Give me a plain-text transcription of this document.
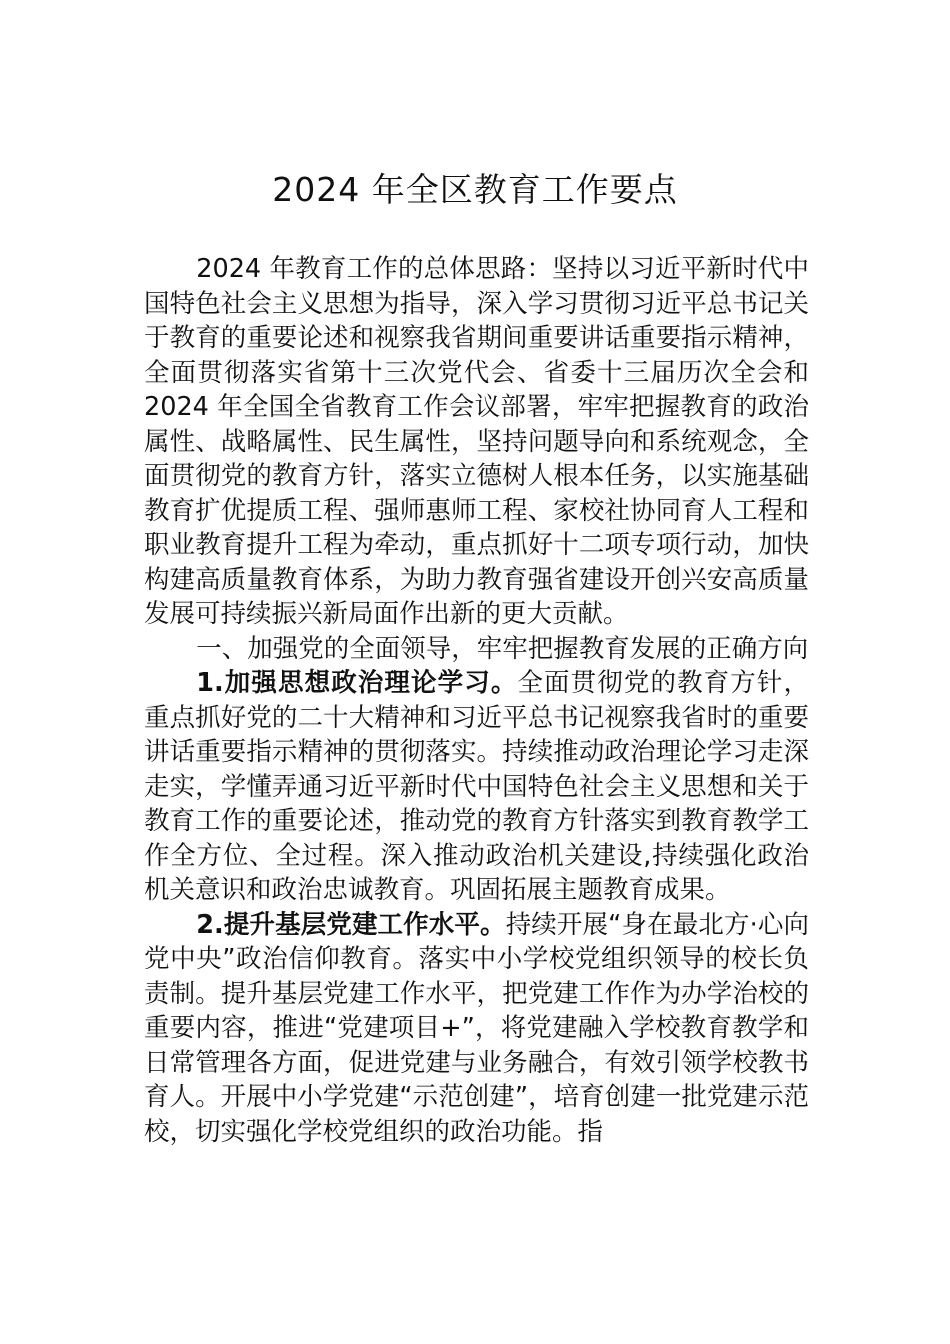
2024 年全区教育工作要点

2024 年教育工作的总体思路：坚持以习近平新时代中国特色社会主义思想为指导，深入学习贯彻习近平总书记关于教育的重要论述和视察我省期间重要讲话重要指示精神，全面贯彻落实省第十三次党代会、省委十三届历次全会和 2024 年全国全省教育工作会议部署，牢牢把握教育的政治属性、战略属性、民生属性，坚持问题导向和系统观念，全面贯彻党的教育方针，落实立德树人根本任务，以实施基础教育扩优提质工程、强师惠师工程、家校社协同育人工程和职业教育提升工程为牵动，重点抓好十二项专项行动，加快构建高质量教育体系，为助力教育强省建设开创兴安高质量发展可持续振兴新局面作出新的更大贡献。

一、加强党的全面领导，牢牢把握教育发展的正确方向

1.加强思想政治理论学习。全面贯彻党的教育方针，重点抓好党的二十大精神和习近平总书记视察我省时的重要讲话重要指示精神的贯彻落实。持续推动政治理论学习走深走实，学懂弄通习近平新时代中国特色社会主义思想和关于教育工作的重要论述，推动党的教育方针落实到教育教学工作全方位、全过程。深入推动政治机关建设,持续强化政治机关意识和政治忠诚教育。巩固拓展主题教育成果。

2.提升基层党建工作水平。持续开展“身在最北方·心向党中央”政治信仰教育。落实中小学校党组织领导的校长负责制。提升基层党建工作水平，把党建工作作为办学治校的重要内容，推进“党建项目+”，将党建融入学校教育教学和日常管理各方面，促进党建与业务融合，有效引领学校教书育人。开展中小学党建“示范创建”，培育创建一批党建示范校，切实强化学校党组织的政治功能。指
